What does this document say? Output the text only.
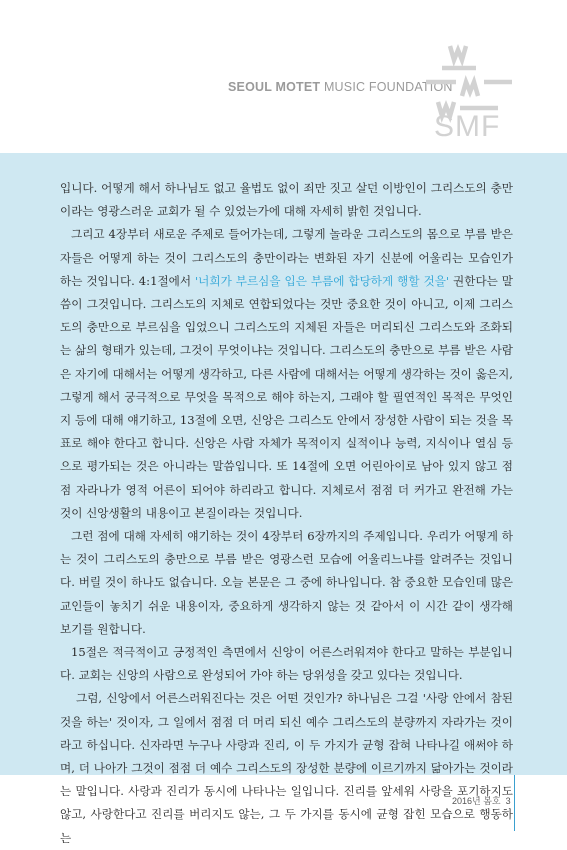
SEOUL MOTET MUSIC FOUNDATION
SMF

입니다. 어떻게 해서 하나님도 없고 율법도 없이 죄만 짓고 살던 이방인이 그리스도의 충만이라는 영광스러운 교회가 될 수 있었는가에 대해 자세히 밝힌 것입니다.

그리고 4장부터 새로운 주제로 들어가는데, 그렇게 놀라운 그리스도의 몸으로 부름 받은 자들은 어떻게 하는 것이 그리스도의 충만이라는 변화된 자기 신분에 어울리는 모습인가 하는 것입니다. 4:1절에서 '너희가 부르심을 입은 부름에 합당하게 행할 것을' 권한다는 말씀이 그것입니다. 그리스도의 지체로 연합되었다는 것만 중요한 것이 아니고, 이제 그리스도의 충만으로 부르심을 입었으니 그리스도의 지체된 자들은 머리되신 그리스도와 조화되는 삶의 형태가 있는데, 그것이 무엇이냐는 것입니다. 그리스도의 충만으로 부름 받은 사람은 자기에 대해서는 어떻게 생각하고, 다른 사람에 대해서는 어떻게 생각하는 것이 옳은지, 그렇게 해서 궁극적으로 무엇을 목적으로 해야 하는지, 그래야 할 필연적인 목적은 무엇인지 등에 대해 얘기하고, 13절에 오면, 신앙은 그리스도 안에서 장성한 사람이 되는 것을 목표로 해야 한다고 합니다. 신앙은 사람 자체가 목적이지 실적이나 능력, 지식이나 열심 등으로 평가되는 것은 아니라는 말씀입니다. 또 14절에 오면 어린아이로 남아 있지 않고 점점 자라나가 영적 어른이 되어야 하리라고 합니다. 지체로서 점점 더 커가고 완전해 가는 것이 신앙생활의 내용이고 본질이라는 것입니다.

그런 점에 대해 자세히 얘기하는 것이 4장부터 6장까지의 주제입니다. 우리가 어떻게 하는 것이 그리스도의 충만으로 부름 받은 영광스런 모습에 어울리느냐를 알려주는 것입니다. 버릴 것이 하나도 없습니다. 오늘 본문은 그 중에 하나입니다. 참 중요한 모습인데 많은 교인들이 놓치기 쉬운 내용이자, 중요하게 생각하지 않는 것 같아서 이 시간 같이 생각해 보기를 원합니다.

15절은 적극적이고 긍정적인 측면에서 신앙이 어른스러워져야 한다고 말하는 부분입니다. 교회는 신앙의 사람으로 완성되어 가야 하는 당위성을 갖고 있다는 것입니다.

그럼, 신앙에서 어른스러워진다는 것은 어떤 것인가? 하나님은 그걸 '사랑 안에서 참된 것을 하는' 것이자, 그 일에서 점점 더 머리 되신 예수 그리스도의 분량까지 자라가는 것이라고 하십니다. 신자라면 누구나 사랑과 진리, 이 두 가지가 균형 잡혀 나타나길 애써야 하며, 더 나아가 그것이 점점 더 예수 그리스도의 장성한 분량에 이르기까지 닮아가는 것이라는 말입니다. 사랑과 진리가 동시에 나타나는 일입니다. 진리를 앞세워 사랑을 포기하지도 않고, 사랑한다고 진리를 버리지도 않는, 그 두 가지를 동시에 균형 잡힌 모습으로 행동하는

2016년 봄호 3
